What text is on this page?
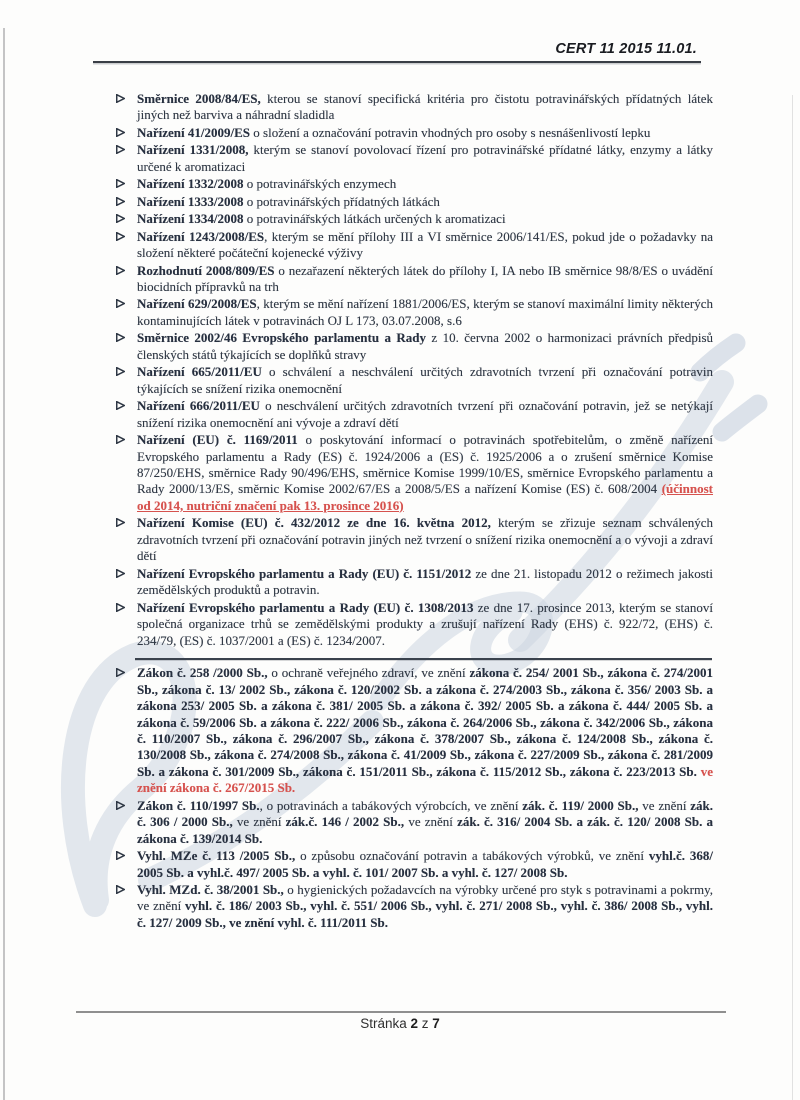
CERT 11 2015 11.01.
Směrnice 2008/84/ES, kterou se stanoví specifická kritéria pro čistotu potravinářských přídatných látek jiných než barviva a náhradní sladidla
Nařízení 41/2009/ES o složení a označování potravin vhodných pro osoby s nesnášenlivostí lepku
Nařízení 1331/2008, kterým se stanoví povolovací řízení pro potravinářské přídatné látky, enzymy a látky určené k aromatizaci
Nařízení 1332/2008 o potravinářských enzymech
Nařízení 1333/2008 o potravinářských přídatných látkách
Nařízení 1334/2008 o potravinářských látkách určených k aromatizaci
Nařízení 1243/2008/ES, kterým se mění přílohy III a VI směrnice 2006/141/ES, pokud jde o požadavky na složení některé počáteční kojenecké výživy
Rozhodnutí 2008/809/ES o nezařazení některých látek do přílohy I, IA nebo IB směrnice 98/8/ES o uvádění biocidních přípravků na trh
Nařízení 629/2008/ES, kterým se mění nařízení 1881/2006/ES, kterým se stanoví maximální limity některých kontaminujících látek v potravinách OJ L 173, 03.07.2008, s.6
Směrnice 2002/46 Evropského parlamentu a Rady z 10. června 2002 o harmonizaci právních předpisů členských států týkajících se doplňků stravy
Nařízení 665/2011/EU o schválení a neschválení určitých zdravotních tvrzení při označování potravin týkajících se snížení rizika onemocnění
Nařízení 666/2011/EU o neschválení určitých zdravotních tvrzení při označování potravin, jež se netýkají snížení rizika onemocnění ani vývoje a zdraví dětí
Nařízení (EU) č. 1169/2011 o poskytování informací o potravinách spotřebitelům, o změně nařízení Evropského parlamentu a Rady (ES) č. 1924/2006 a (ES) č. 1925/2006 a o zrušení směrnice Komise 87/250/EHS, směrnice Rady 90/496/EHS, směrnice Komise 1999/10/ES, směrnice Evropského parlamentu a Rady 2000/13/ES, směrnic Komise 2002/67/ES a 2008/5/ES a nařízení Komise (ES) č. 608/2004 (účinnost od 2014, nutriční značení pak 13. prosince 2016)
Nařízení Komise (EU) č. 432/2012 ze dne 16. května 2012, kterým se zřizuje seznam schválených zdravotních tvrzení při označování potravin jiných než tvrzení o snížení rizika onemocnění a o vývoji a zdraví dětí
Nařízení Evropského parlamentu a Rady (EU) č. 1151/2012 ze dne 21. listopadu 2012 o režimech jakosti zemědělských produktů a potravin.
Nařízení Evropského parlamentu a Rady (EU) č. 1308/2013 ze dne 17. prosince 2013, kterým se stanoví společná organizace trhů se zemědělskými produkty a zrušují nařízení Rady (EHS) č. 922/72, (EHS) č. 234/79, (ES) č. 1037/2001 a (ES) č. 1234/2007.
Zákon č. 258 /2000 Sb., o ochraně veřejného zdraví, ve znění zákona č. 254/ 2001 Sb., zákona č. 274/2001 Sb., zákona č. 13/ 2002 Sb., zákona č. 120/2002 Sb. a zákona č. 274/2003 Sb., zákona č. 356/ 2003 Sb. a zákona 253/ 2005 Sb. a zákona č. 381/ 2005 Sb. a zákona č. 392/ 2005 Sb. a zákona č. 444/ 2005 Sb. a zákona č. 59/2006 Sb. a zákona č. 222/ 2006 Sb., zákona č. 264/2006 Sb., zákona č. 342/2006 Sb., zákona č. 110/2007 Sb., zákona č. 296/2007 Sb., zákona č. 378/2007 Sb., zákona č. 124/2008 Sb., zákona č. 130/2008 Sb., zákona č. 274/2008 Sb., zákona č. 41/2009 Sb., zákona č. 227/2009 Sb., zákona č. 281/2009 Sb. a zákona č. 301/2009 Sb., zákona č. 151/2011 Sb., zákona č. 115/2012 Sb., zákona č. 223/2013 Sb. ve znění zákona č. 267/2015 Sb.
Zákon č. 110/1997 Sb., o potravinách a tabákových výrobcích, ve znění zák. č. 119/ 2000 Sb., ve znění zák. č. 306 / 2000 Sb., ve znění zák.č. 146 / 2002 Sb., ve znění zák. č. 316/ 2004 Sb. a zák. č. 120/ 2008 Sb. a zákona č. 139/2014 Sb.
Vyhl. MZe č. 113 /2005 Sb., o způsobu označování potravin a tabákových výrobků, ve znění vyhl.č. 368/ 2005 Sb. a vyhl.č. 497/ 2005 Sb. a vyhl. č. 101/ 2007 Sb. a vyhl. č. 127/ 2008 Sb.
Vyhl. MZd. č. 38/2001 Sb., o hygienických požadavcích na výrobky určené pro styk s potravinami a pokrmy, ve znění vyhl. č. 186/ 2003 Sb., vyhl. č. 551/ 2006 Sb., vyhl. č. 271/ 2008 Sb., vyhl. č. 386/ 2008 Sb., vyhl. č. 127/ 2009 Sb., ve znění vyhl. č. 111/2011 Sb.
Stránka 2 z 7
